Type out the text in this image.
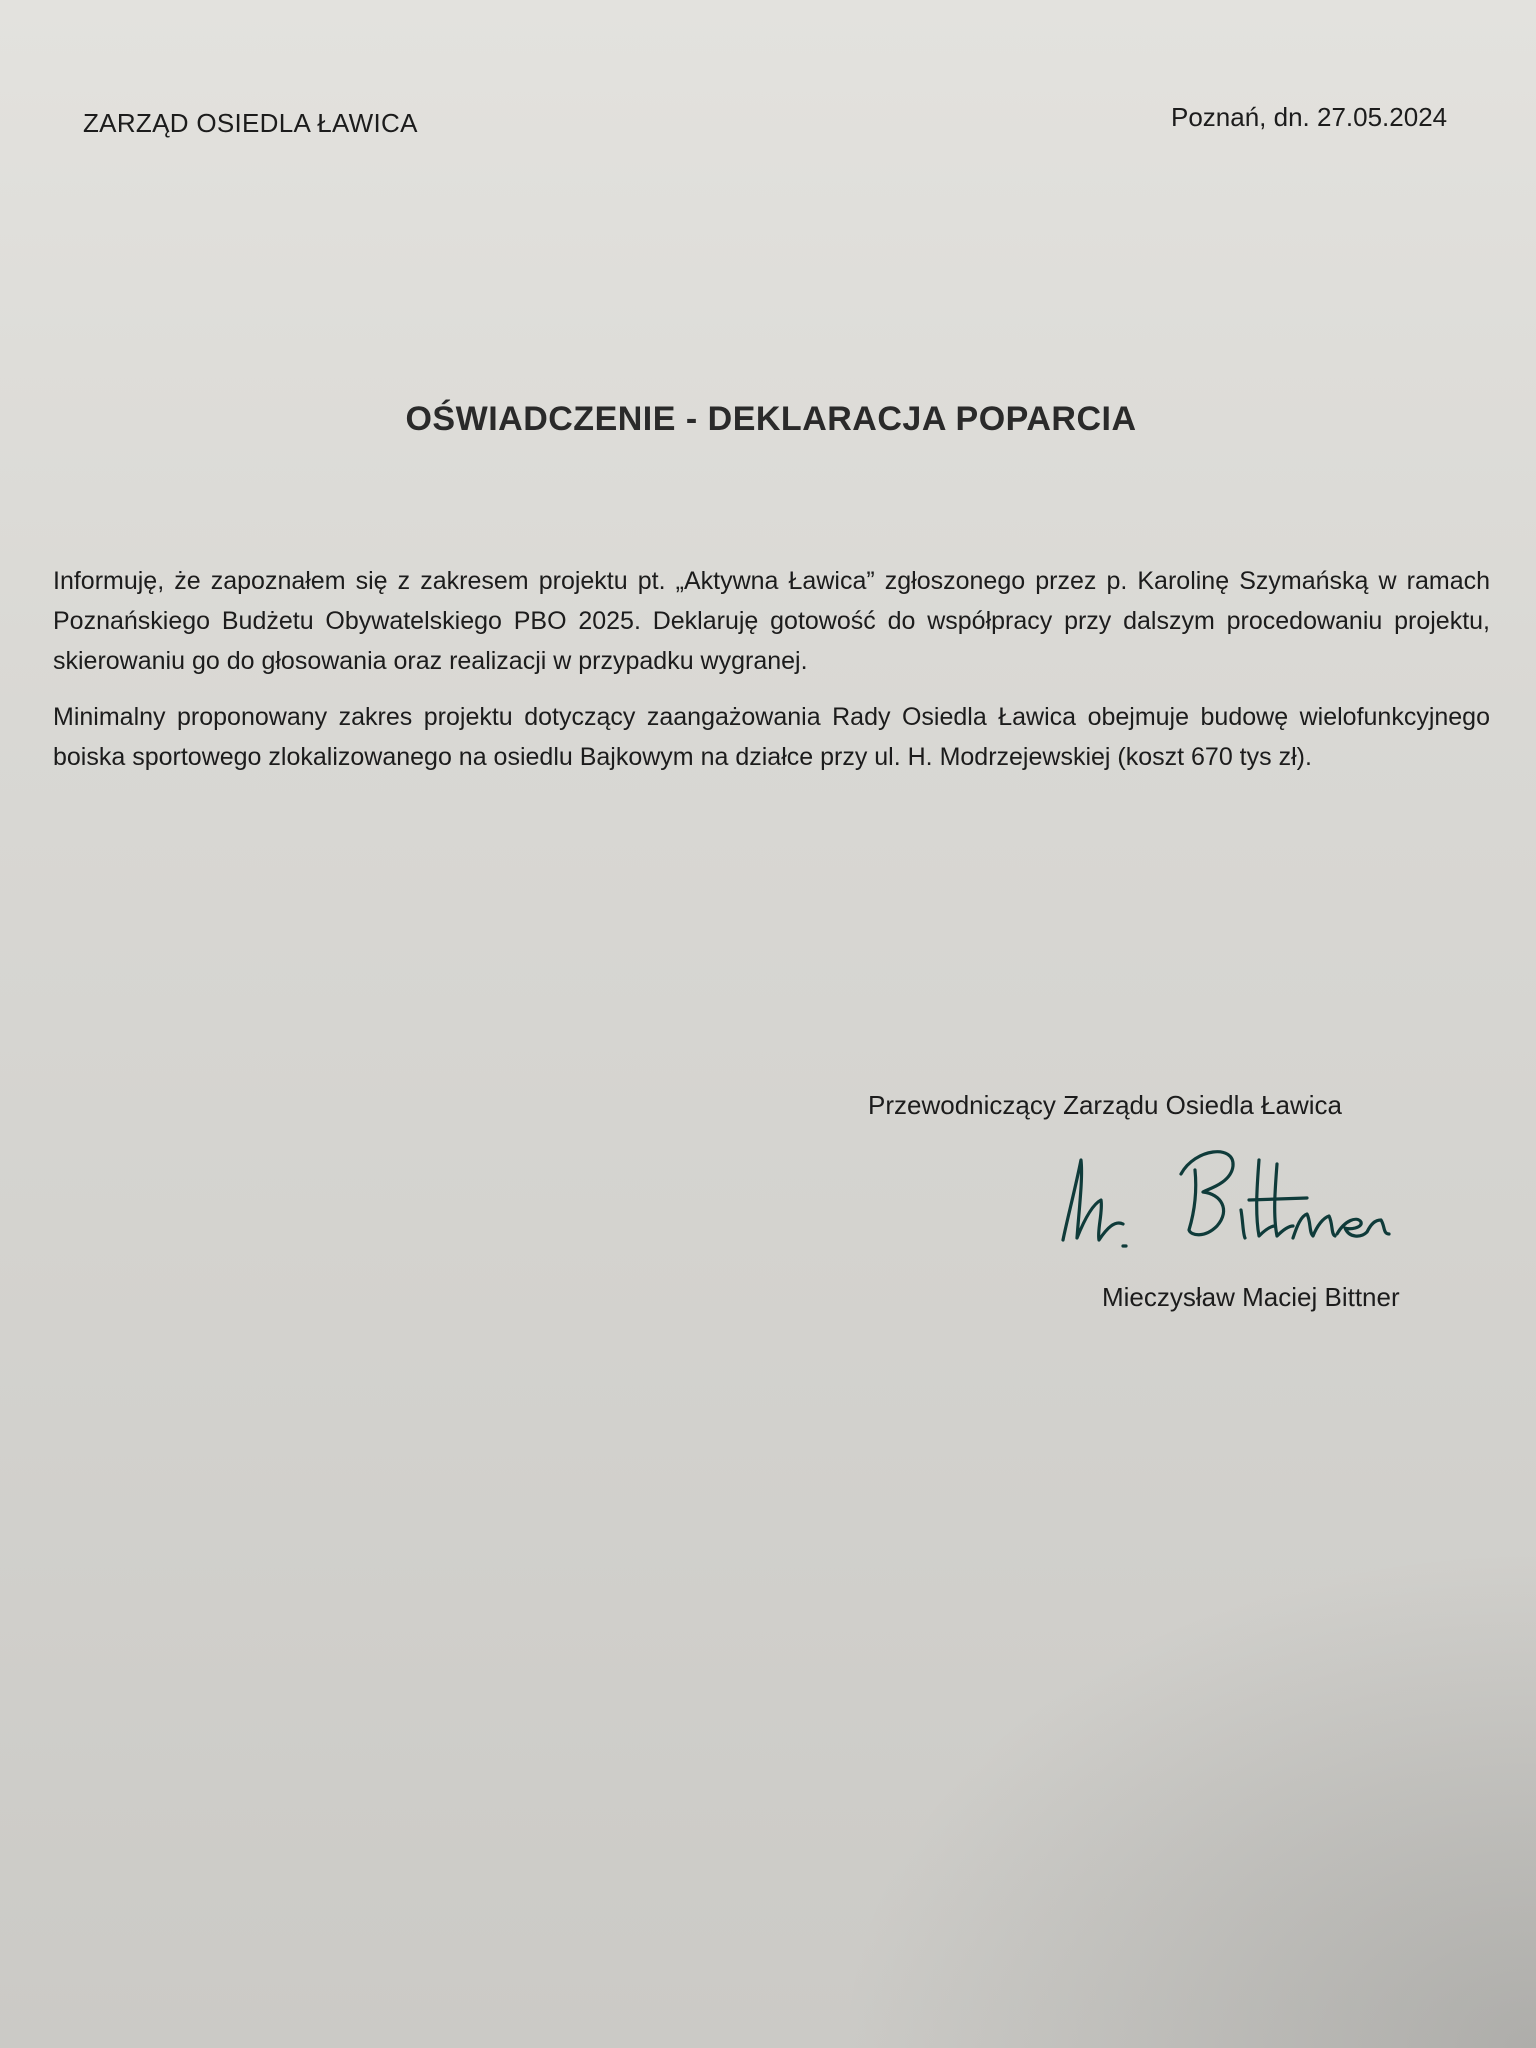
ZARZĄD OSIEDLA ŁAWICA	Poznań, dn. 27.05.2024
OŚWIADCZENIE - DEKLARACJA POPARCIA
Informuję, że zapoznałem się z zakresem projektu pt. „Aktywna Ławica” zgłoszonego przez p. Karolinę Szymańską w ramach Poznańskiego Budżetu Obywatelskiego PBO 2025. Deklaruję gotowość do współpracy przy dalszym procedowaniu projektu, skierowaniu go do głosowania oraz realizacji w przypadku wygranej.
Minimalny proponowany zakres projektu dotyczący zaangażowania Rady Osiedla Ławica obejmuje budowę wielofunkcyjnego boiska sportowego zlokalizowanego na osiedlu Bajkowym na działce przy ul. H. Modrzejewskiej (koszt 670 tys zł).
Przewodniczący Zarządu Osiedla Ławica
Mieczysław Maciej Bittner
